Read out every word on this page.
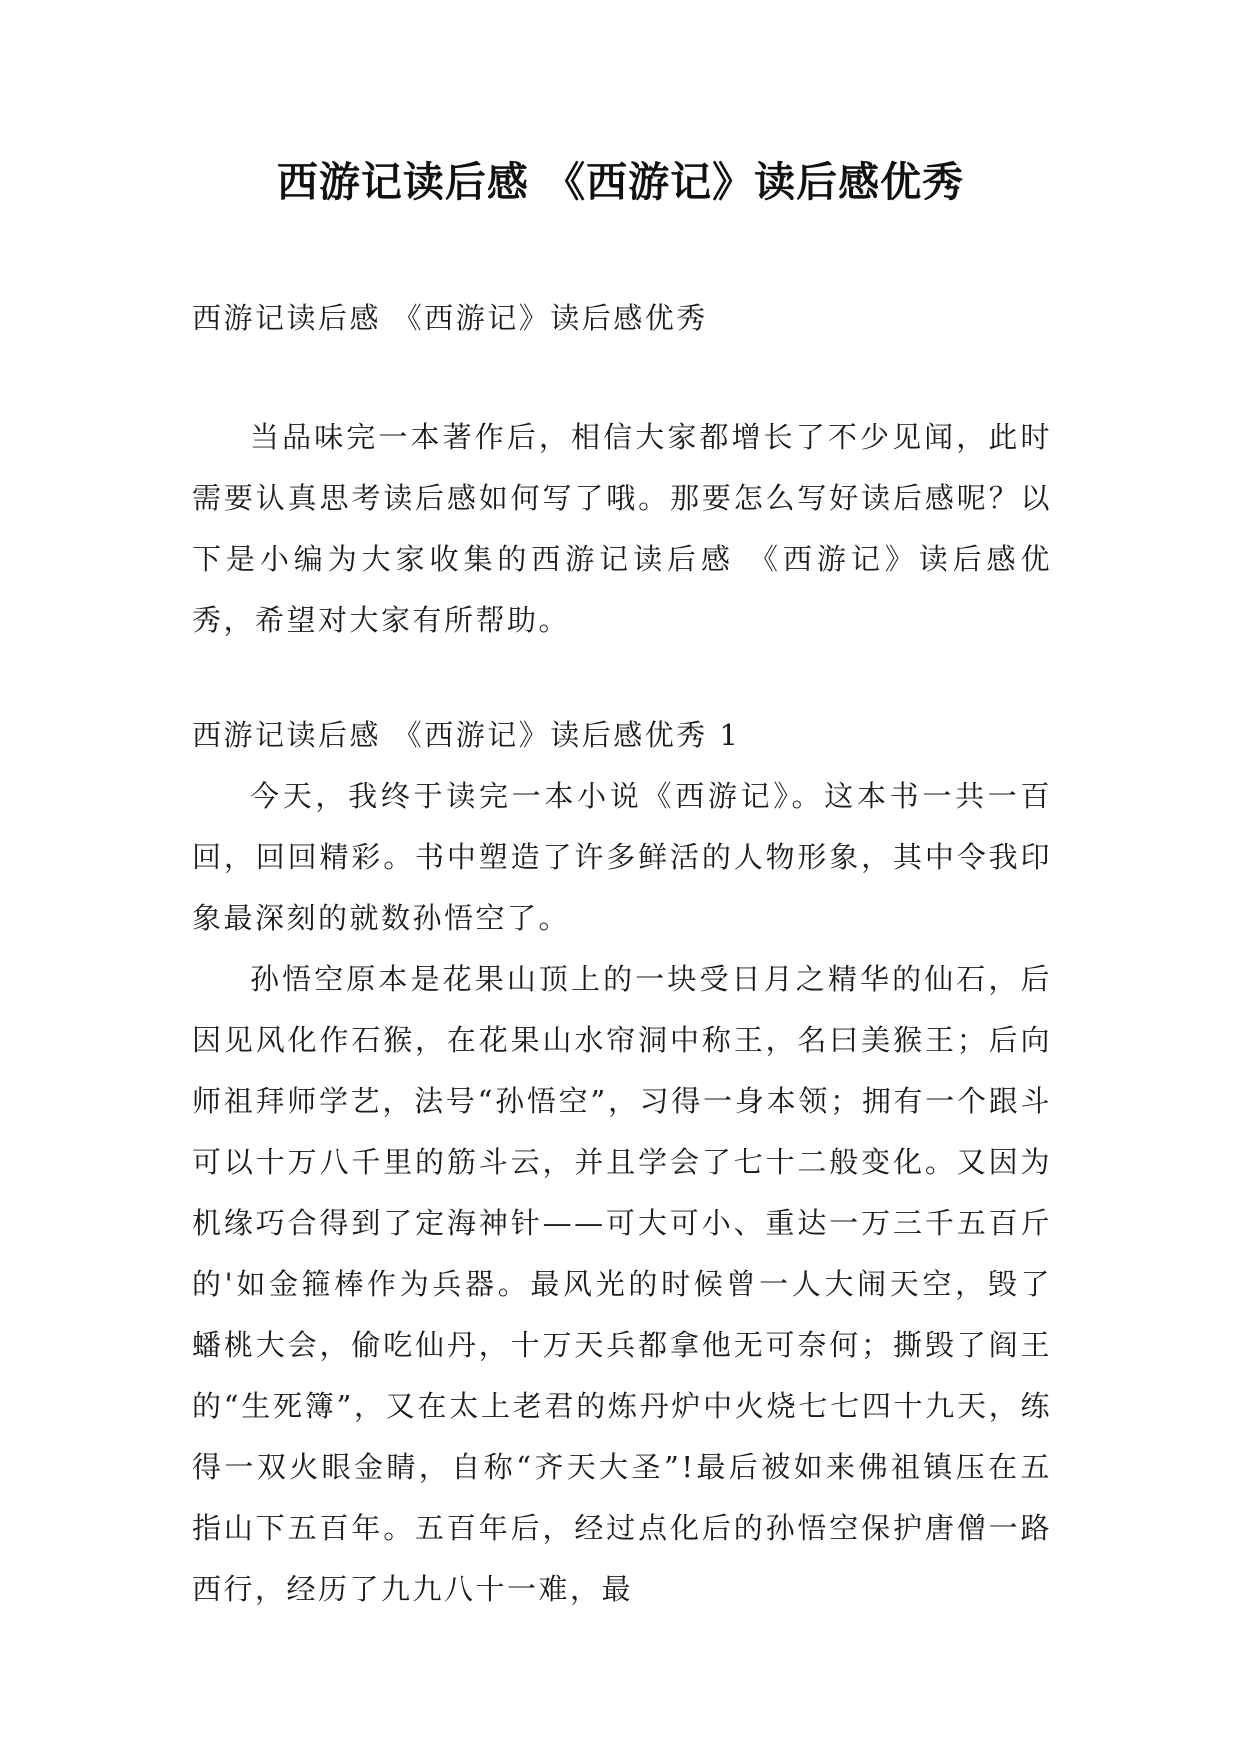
西游记读后感 《西游记》读后感优秀

西游记读后感 《西游记》读后感优秀

当品味完一本著作后，相信大家都增长了不少见闻，此时需要认真思考读后感如何写了哦。那要怎么写好读后感呢？以下是小编为大家收集的西游记读后感 《西游记》读后感优秀，希望对大家有所帮助。

西游记读后感 《西游记》读后感优秀 1

今天，我终于读完一本小说《西游记》。这本书一共一百回，回回精彩。书中塑造了许多鲜活的人物形象，其中令我印象最深刻的就数孙悟空了。

孙悟空原本是花果山顶上的一块受日月之精华的仙石，后因见风化作石猴，在花果山水帘洞中称王，名曰美猴王；后向师祖拜师学艺，法号“孙悟空”，习得一身本领；拥有一个跟斗可以十万八千里的筋斗云，并且学会了七十二般变化。又因为机缘巧合得到了定海神针——可大可小、重达一万三千五百斤的'如金箍棒作为兵器。最风光的时候曾一人大闹天空，毁了蟠桃大会，偷吃仙丹，十万天兵都拿他无可奈何；撕毁了阎王的“生死簿”，又在太上老君的炼丹炉中火烧七七四十九天，练得一双火眼金睛，自称“齐天大圣”!最后被如来佛祖镇压在五指山下五百年。五百年后，经过点化后的孙悟空保护唐僧一路西行，经历了九九八十一难，最
